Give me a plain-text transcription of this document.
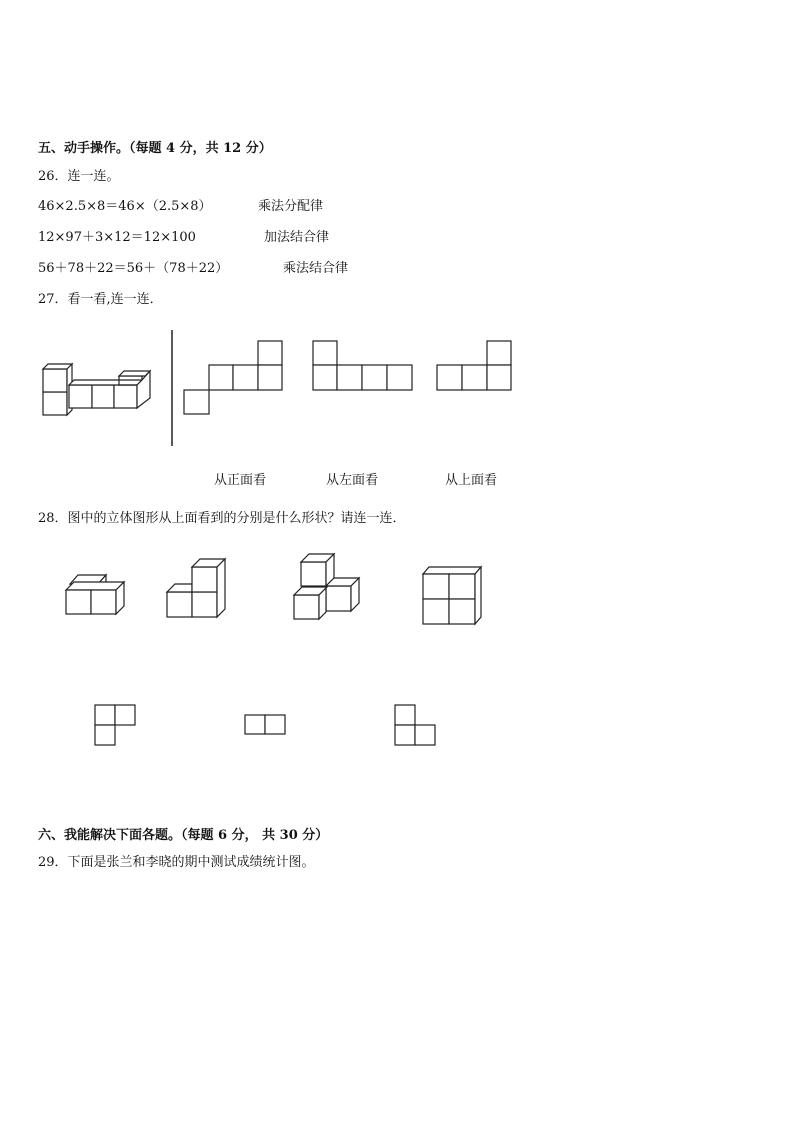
五、动手操作。（每题 4 分，共 12 分）
26．连一连。
46×2.5×8＝46×（2.5×8）	乘法分配律
12×97＋3×12＝12×100	加法结合律
56＋78＋22＝56＋（78＋22）	乘法结合律
27．看一看,连一连．
从正面看	从左面看	从上面看
28．图中的立体图形从上面看到的分别是什么形状？请连一连．
六、我能解决下面各题。（每题 6 分， 共 30 分）
29．下面是张兰和李晓的期中测试成绩统计图。
